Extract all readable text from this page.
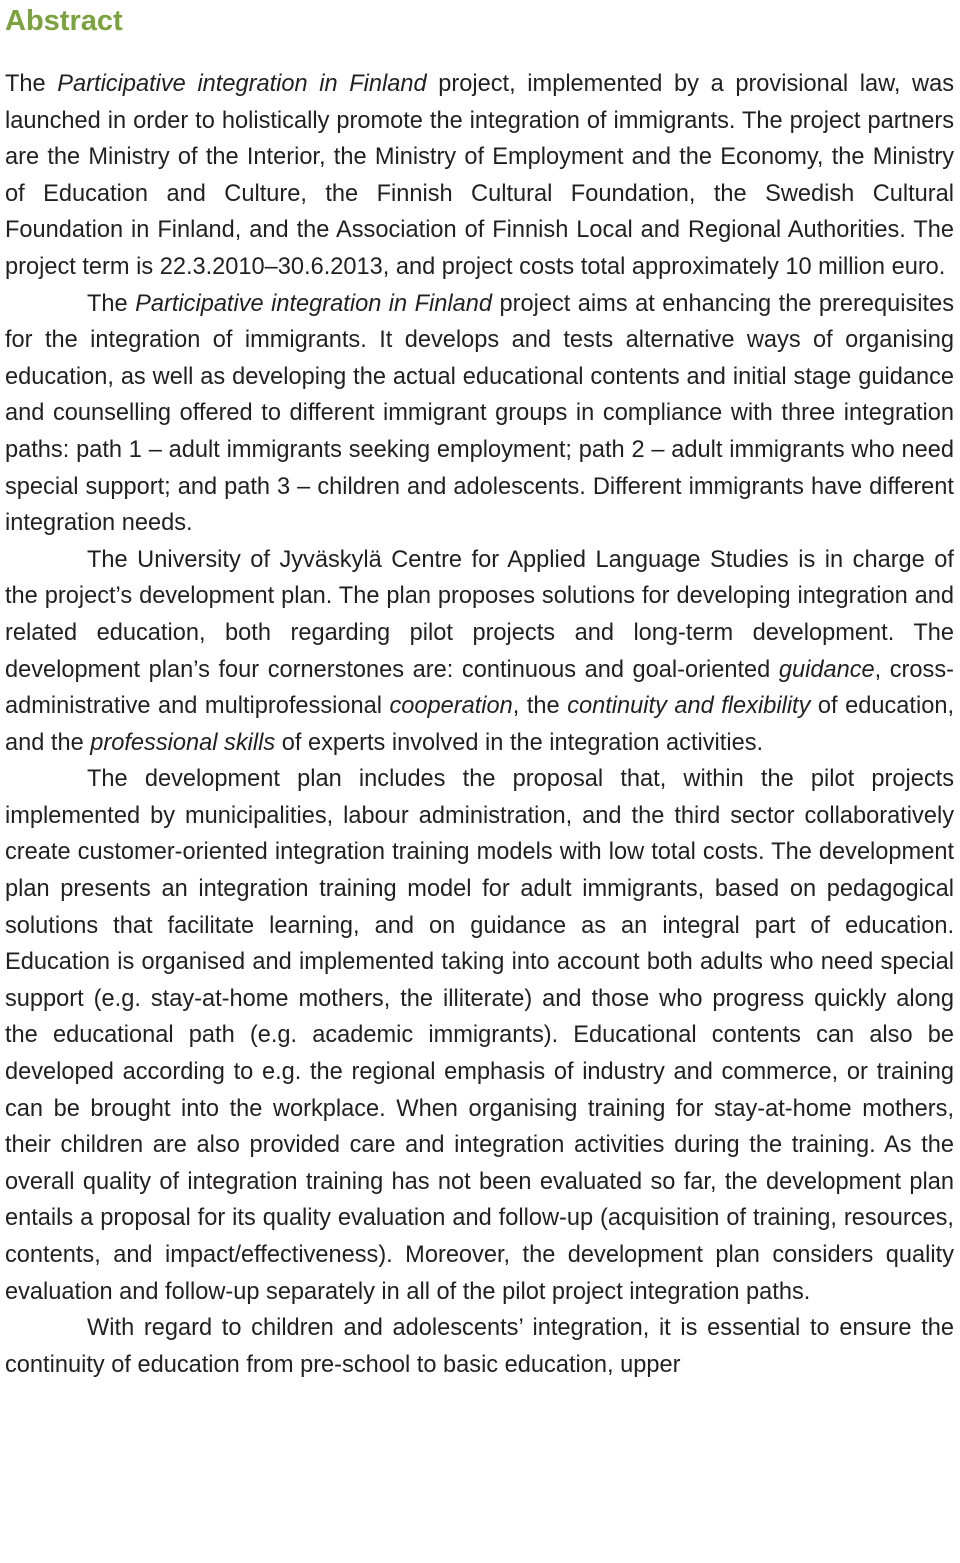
Abstract

The Participative integration in Finland project, implemented by a provisional law, was launched in order to holistically promote the integration of immigrants. The project partners are the Ministry of the Interior, the Ministry of Employment and the Economy, the Ministry of Education and Culture, the Finnish Cultural Foundation, the Swedish Cultural Foundation in Finland, and the Association of Finnish Local and Regional Authorities. The project term is 22.3.2010–30.6.2013, and project costs total approximately 10 million euro.

The Participative integration in Finland project aims at enhancing the prerequisites for the integration of immigrants. It develops and tests alternative ways of organising education, as well as developing the actual educational contents and initial stage guidance and counselling offered to different immigrant groups in compliance with three integration paths: path 1 – adult immigrants seeking employment; path 2 – adult immigrants who need special support; and path 3 – children and adolescents. Different immigrants have different integration needs.

The University of Jyväskylä Centre for Applied Language Studies is in charge of the project’s development plan. The plan proposes solutions for developing integration and related education, both regarding pilot projects and long-term development. The development plan’s four cornerstones are: continuous and goal-oriented guidance, cross-administrative and multiprofessional cooperation, the continuity and flexibility of education, and the professional skills of experts involved in the integration activities.

The development plan includes the proposal that, within the pilot projects implemented by municipalities, labour administration, and the third sector collaboratively create customer-oriented integration training models with low total costs. The development plan presents an integration training model for adult immigrants, based on pedagogical solutions that facilitate learning, and on guidance as an integral part of education. Education is organised and implemented taking into account both adults who need special support (e.g. stay-at-home mothers, the illiterate) and those who progress quickly along the educational path (e.g. academic immigrants). Educational contents can also be developed according to e.g. the regional emphasis of industry and commerce, or training can be brought into the workplace. When organising training for stay-at-home mothers, their children are also provided care and integration activities during the training. As the overall quality of integration training has not been evaluated so far, the development plan entails a proposal for its quality evaluation and follow-up (acquisition of training, resources, contents, and impact/effectiveness). Moreover, the development plan considers quality evaluation and follow-up separately in all of the pilot project integration paths.

With regard to children and adolescents’ integration, it is essential to ensure the continuity of education from pre-school to basic education, upper
